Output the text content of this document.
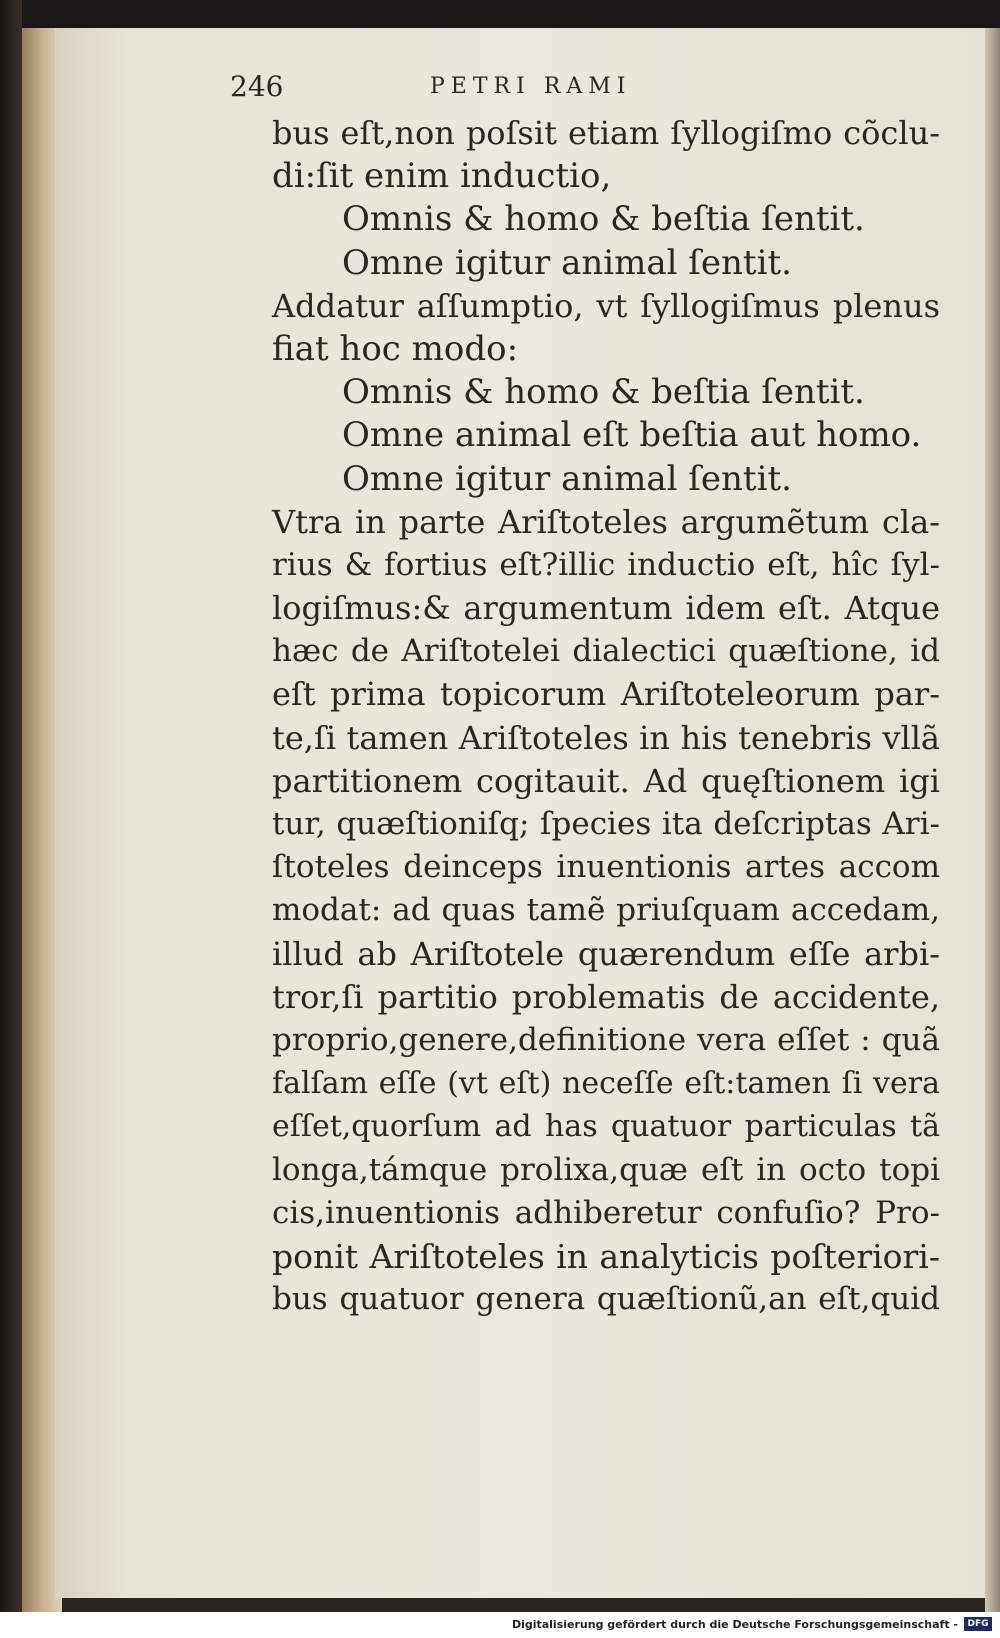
246	PETRI RAMI
bus eſt,non poſsit etiam ſyllogiſmo cõclu-
di:ſit enim inductio,
Omnis & homo & beſtia ſentit.
Omne igitur animal ſentit.
Addatur aſſumptio, vt ſyllogiſmus plenus
fiat hoc modo:
Omnis & homo & beſtia ſentit.
Omne animal eſt beſtia aut homo.
Omne igitur animal ſentit.
Vtra in parte Ariſtoteles argumẽtum cla-
rius & fortius eſt?illic inductio eſt, hîc ſyl-
logiſmus:& argumentum idem eſt. Atque
hæc de Ariſtotelei dialectici quæſtione, id
eſt prima topicorum Ariſtoteleorum par-
te,ſi tamen Ariſtoteles in his tenebris vllã
partitionem cogitauit. Ad quęſtionem igi
tur, quæſtioniſq; ſpecies ita deſcriptas Ari-
ſtoteles deinceps inuentionis artes accom
modat: ad quas tamẽ priuſquam accedam,
illud ab Ariſtotele quærendum eſſe arbi-
tror,ſi partitio problematis de accidente,
proprio,genere,definitione vera eſſet : quã
falſam eſſe (vt eſt) neceſſe eſt:tamen ſi vera
eſſet,quorſum ad has quatuor particulas tã
longa,támque prolixa,quæ eſt in octo topi
cis,inuentionis adhiberetur confuſio? Pro-
ponit Ariſtoteles in analyticis poſteriori-
bus quatuor genera quæſtionũ,an eſt,quid
Digitalisierung gefördert durch die Deutsche Forschungsgemeinschaft -	DFG
